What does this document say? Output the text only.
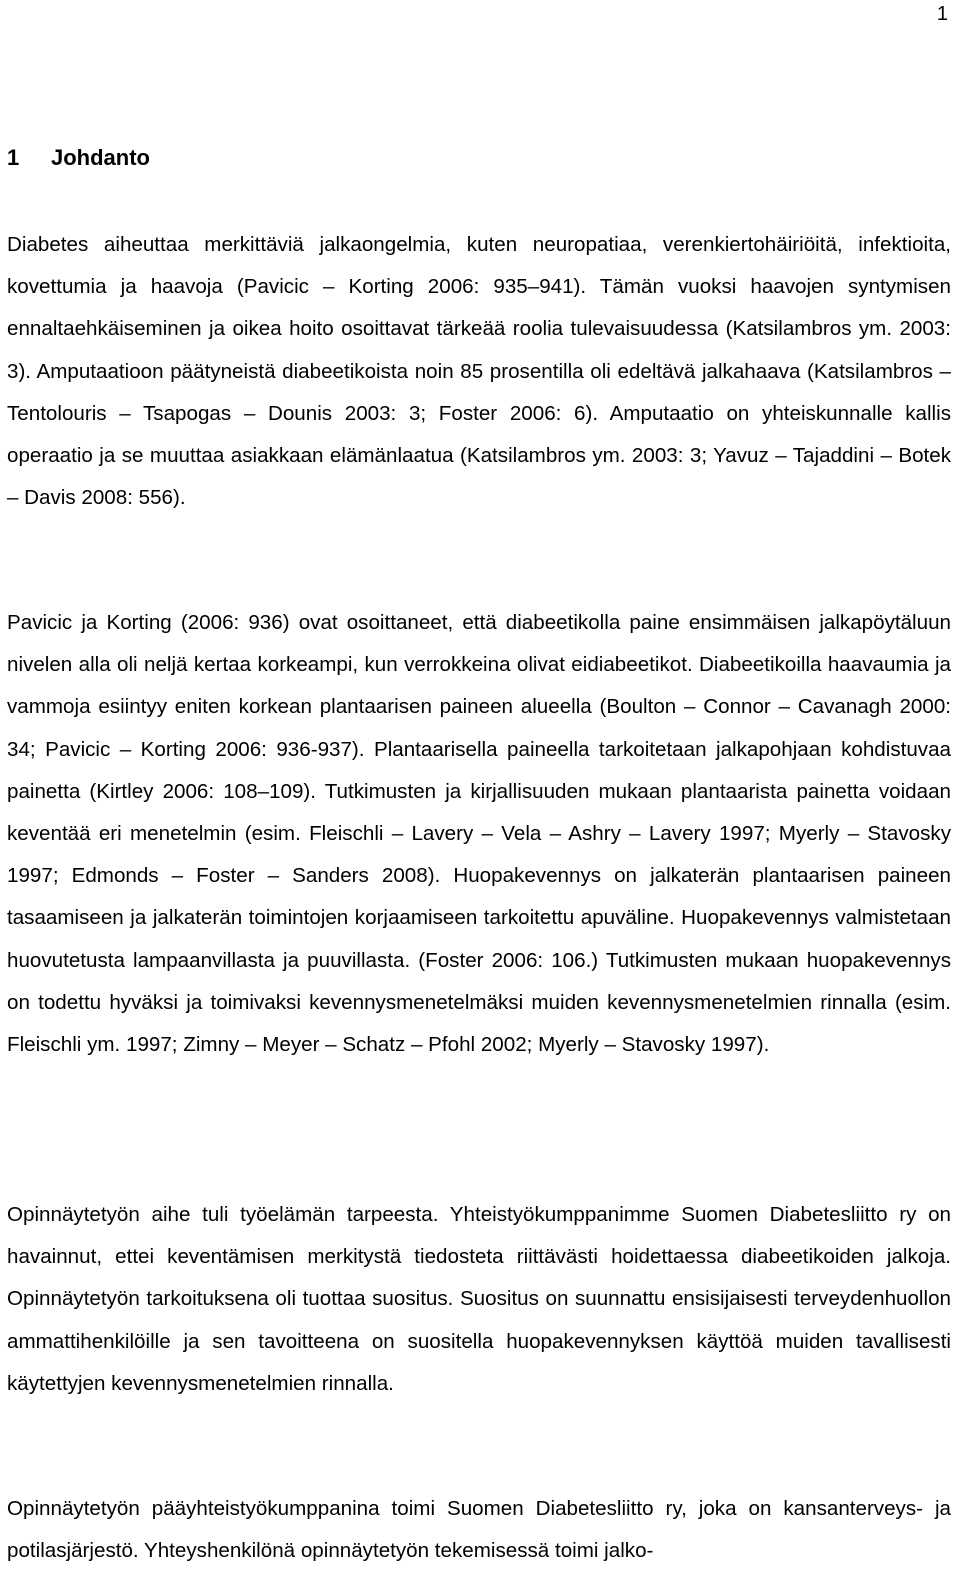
1
1 Johdanto

Diabetes aiheuttaa merkittäviä jalkaongelmia, kuten neuropatiaa, verenkiertohäiriöitä, infektioita, kovettumia ja haavoja (Pavicic – Korting 2006: 935–941). Tämän vuoksi haavojen syntymisen ennaltaehkäiseminen ja oikea hoito osoittavat tärkeää roolia tulevaisuudessa (Katsilambros ym. 2003: 3). Amputaatioon päätyneistä diabeetikoista noin 85 prosentilla oli edeltävä jalkahaava (Katsilambros – Tentolouris – Tsapogas – Dounis 2003: 3; Foster 2006: 6). Amputaatio on yhteiskunnalle kallis operaatio ja se muuttaa asiakkaan elämänlaatua (Katsilambros ym. 2003: 3; Yavuz – Tajaddini – Botek – Davis 2008: 556).

Pavicic ja Korting (2006: 936) ovat osoittaneet, että diabeetikolla paine ensimmäisen jalkapöytäluun nivelen alla oli neljä kertaa korkeampi, kun verrokkeina olivat eidiabeetikot. Diabeetikoilla haavaumia ja vammoja esiintyy eniten korkean plantaarisen paineen alueella (Boulton – Connor – Cavanagh 2000: 34; Pavicic – Korting 2006: 936-937). Plantaarisella paineella tarkoitetaan jalkapohjaan kohdistuvaa painetta (Kirtley 2006: 108–109). Tutkimusten ja kirjallisuuden mukaan plantaarista painetta voidaan keventää eri menetelmin (esim. Fleischli – Lavery – Vela – Ashry – Lavery 1997; Myerly – Stavosky 1997; Edmonds – Foster – Sanders 2008). Huopakevennys on jalkaterän plantaarisen paineen tasaamiseen ja jalkaterän toimintojen korjaamiseen tarkoitettu apuväline. Huopakevennys valmistetaan huovutetusta lampaanvillasta ja puuvillasta. (Foster 2006: 106.) Tutkimusten mukaan huopakevennys on todettu hyväksi ja toimivaksi kevennysmenetelmäksi muiden kevennysmenetelmien rinnalla (esim. Fleischli ym. 1997; Zimny – Meyer – Schatz – Pfohl 2002; Myerly – Stavosky 1997).

Opinnäytetyön aihe tuli työelämän tarpeesta. Yhteistyökumppanimme Suomen Diabetesliitto ry on havainnut, ettei keventämisen merkitystä tiedosteta riittävästi hoidettaessa diabeetikoiden jalkoja. Opinnäytetyön tarkoituksena oli tuottaa suositus. Suositus on suunnattu ensisijaisesti terveydenhuollon ammattihenkilöille ja sen tavoitteena on suositella huopakevennyksen käyttöä muiden tavallisesti käytettyjen kevennysmenetelmien rinnalla.

Opinnäytetyön pääyhteistyökumppanina toimi Suomen Diabetesliitto ry, joka on kansanterveys- ja potilasjärjestö. Yhteyshenkilönä opinnäytetyön tekemisessä toimi jalko-
